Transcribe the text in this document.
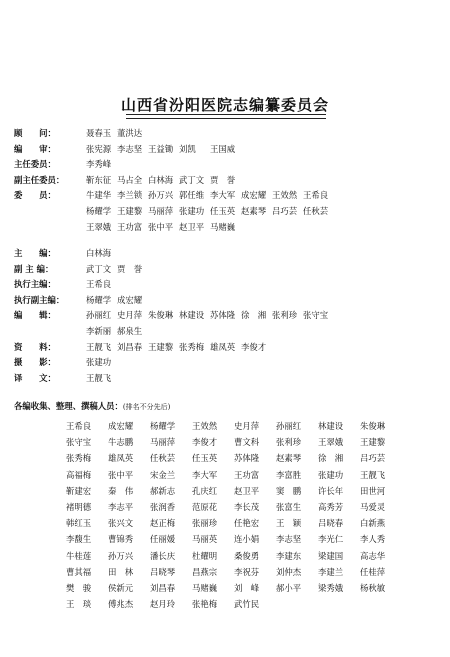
山西省汾阳医院志编纂委员会
顾　　问：	聂春玉 董洪达
编　　审：	张宪源 李志坚 王益锄 刘凯	王国威
主任委员：	李秀峰
副主任委员：	靳东征 马占全 白林海 武丁文 贾　誉
委　　员：	牛建华 李兰锁 孙万兴 郭任维 李大军 成宏耀 王效然 王希良
杨耀学 王建黎 马丽萍 张建功 任玉英 赵素琴 吕巧芸 任秋芸
王翠娥 王功富 张中平 赵卫平 马赌巍
主　　编：	白林海
副 主 编：	武丁文 贾　誉
执行主编：	王希良
执行副主编：	杨耀学 成宏耀
编　　辑：	孙丽红 史月萍 朱俊琳 林建设 苏体隆 徐　湘 张利珍 张守宝
李新丽 郝泉生
资　　料：	王靓飞 刘昌春 王建黎 张秀梅 雄凤英 李俊才
摄　　影：	张建功
译　　文：	王靓飞
各编收集、整理、撰稿人员：(排名不分先后)
王希良	成宏耀	杨耀学	王效然	史月萍	孙丽红	林建设	朱俊琳
张守宝	牛志鹏	马丽萍	李俊才	曹文科	张利珍	王翠娥	王建黎
张秀梅	雄凤英	任秋芸	任玉英	苏体隆	赵素琴	徐　湘	吕巧芸
高福梅	张中平	宋金兰	李大军	王功富	李富胜	张建功	王靓飞
靳建宏	秦　伟	郝新志	孔庆红	赵卫平	窦　鹏	许长年	田世河
褚明德	李志平	张润香	范原花	李长茂	张富生	高秀芳	马爱灵
韩红玉	张兴文	赵正梅	张丽珍	任艳宏	王　颖	吕晓春	白新燕
李馥生	曹锦秀	任丽媛	马丽英	连小娟	李志坚	李光仁	李人秀
牛桂莲	孙万兴	潘长庆	杜耀明	桑俊勇	李建东	梁建国	高志华
曹其福	田　林	吕晓琴	昌燕宗	李祝芬	刘仲杰	李建兰	任桂萍
樊　骏	侯新元	刘昌春	马赌巍	刘　峰	郝小平	梁秀娥	杨秋敏
王　琰	傅兆杰	赵月玲	张艳梅	武竹民
